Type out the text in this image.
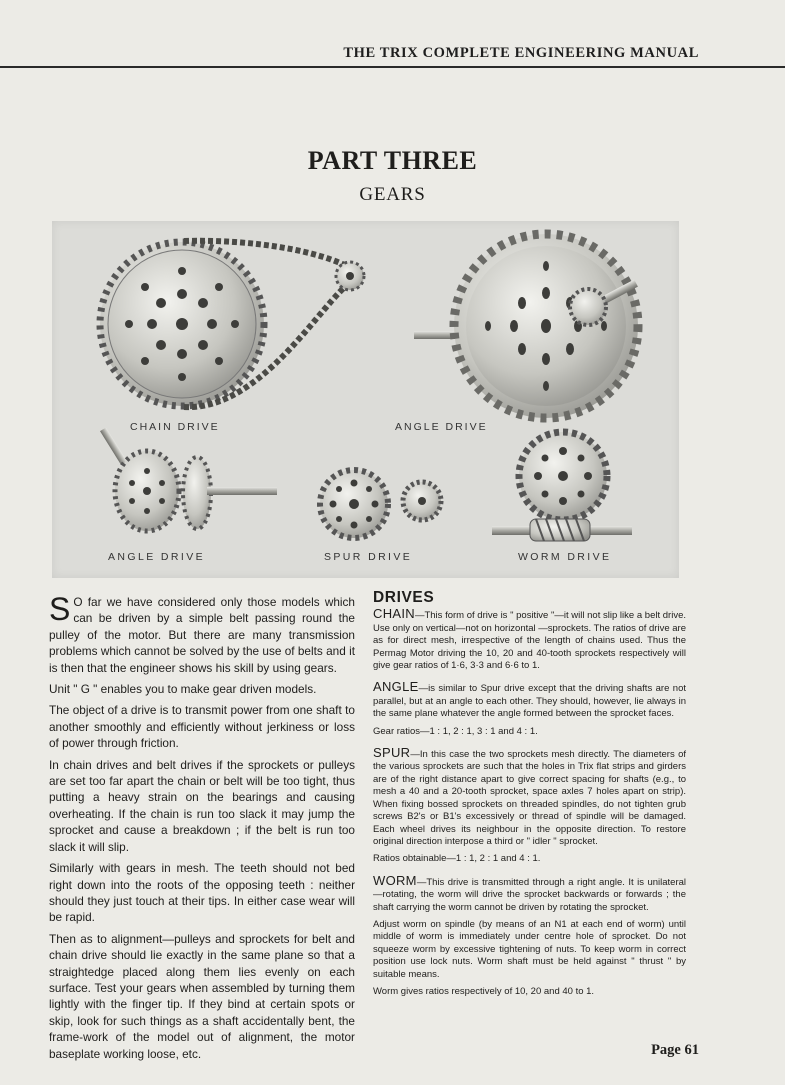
THE TRIX COMPLETE ENGINEERING MANUAL
PART THREE
GEARS
CHAIN DRIVE	ANGLE DRIVE
ANGLE DRIVE	SPUR DRIVE	WORM DRIVE

S O far we have considered only those models which can be driven by a simple belt passing round the pulley of the motor. But there are many transmission problems which cannot be solved by the use of belts and it is then that the engineer shows his skill by using gears.

Unit " G " enables you to make gear driven models.

The object of a drive is to transmit power from one shaft to another smoothly and efficiently without jerkiness or loss of power through friction.

In chain drives and belt drives if the sprockets or pulleys are set too far apart the chain or belt will be too tight, thus putting a heavy strain on the bearings and causing overheating. If the chain is run too slack it may jump the sprocket and cause a breakdown ; if the belt is run too slack it will slip.

Similarly with gears in mesh. The teeth should not bed right down into the roots of the opposing teeth : neither should they just touch at their tips. In either case wear will be rapid.

Then as to alignment—pulleys and sprockets for belt and chain drive should lie exactly in the same plane so that a straightedge placed along them lies evenly on each surface. Test your gears when assembled by turning them lightly with the finger tip. If they bind at certain spots or skip, look for such things as a shaft accidentally bent, the frame-work of the model out of alignment, the motor baseplate working loose, etc.

DRIVES

CHAIN—This form of drive is " positive "—it will not slip like a belt drive. Use only on vertical—not on horizontal —sprockets. The ratios of drive are as for direct mesh, irrespective of the length of chains used. Thus the Permag Motor driving the 10, 20 and 40-tooth sprockets respectively will give gear ratios of 1·6, 3·3 and 6·6 to 1.

ANGLE—is similar to Spur drive except that the driving shafts are not parallel, but at an angle to each other. They should, however, lie always in the same plane whatever the angle formed between the sprocket faces.

Gear ratios—1 : 1, 2 : 1, 3 : 1 and 4 : 1.

SPUR—In this case the two sprockets mesh directly. The diameters of the various sprockets are such that the holes in Trix flat strips and girders are of the right distance apart to give correct spacing for shafts (e.g., to mesh a 40 and a 20-tooth sprocket, space axles 7 holes apart on strip). When fixing bossed sprockets on threaded spindles, do not tighten grub screws B2's or B1's excessively or thread of spindle will be damaged. Each wheel drives its neighbour in the opposite direction. To restore original direction interpose a third or " idler " sprocket.

Ratios obtainable—1 : 1, 2 : 1 and 4 : 1.

WORM—This drive is transmitted through a right angle. It is unilateral—rotating, the worm will drive the sprocket backwards or forwards ; the shaft carrying the worm cannot be driven by rotating the sprocket.

Adjust worm on spindle (by means of an N1 at each end of worm) until middle of worm is immediately under centre hole of sprocket. Do not squeeze worm by excessive tightening of nuts. To keep worm in correct position use lock nuts. Worm shaft must be held against " thrust " by suitable means.

Worm gives ratios respectively of 10, 20 and 40 to 1.

Page 61
